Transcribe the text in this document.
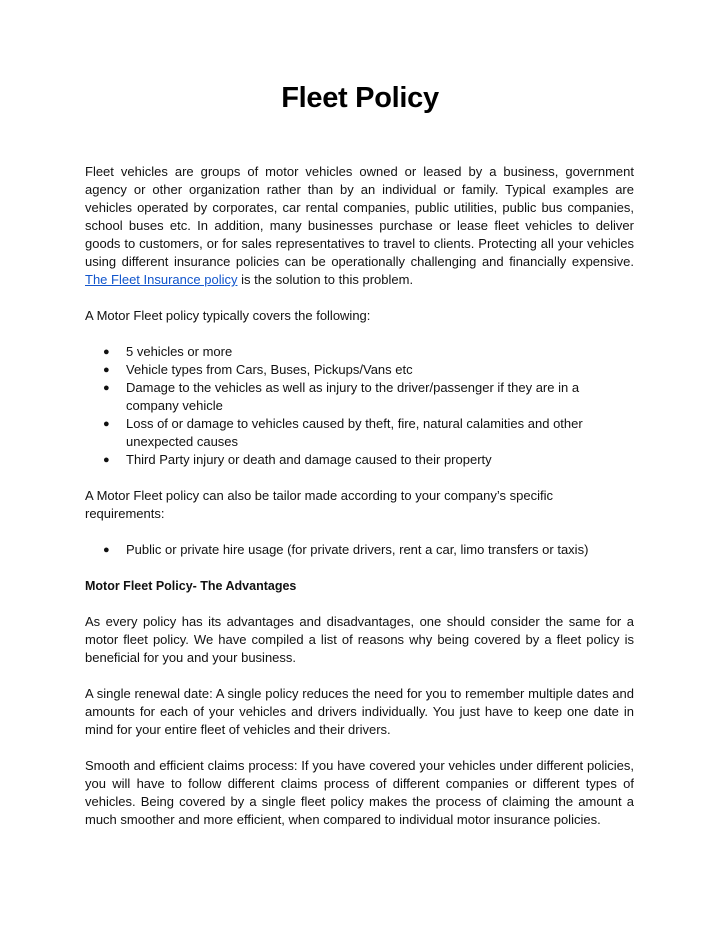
Fleet Policy

Fleet vehicles are groups of motor vehicles owned or leased by a business, government agency or other organization rather than by an individual or family. Typical examples are vehicles operated by corporates, car rental companies, public utilities, public bus companies, school buses etc. In addition, many businesses purchase or lease fleet vehicles to deliver goods to customers, or for sales representatives to travel to clients. Protecting all your vehicles using different insurance policies can be operationally challenging and financially expensive. The Fleet Insurance policy is the solution to this problem.

A Motor Fleet policy typically covers the following:

● 5 vehicles or more
● Vehicle types from Cars, Buses, Pickups/Vans etc
● Damage to the vehicles as well as injury to the driver/passenger if they are in a company vehicle
● Loss of or damage to vehicles caused by theft, fire, natural calamities and other unexpected causes
● Third Party injury or death and damage caused to their property

A Motor Fleet policy can also be tailor made according to your company’s specific requirements:

● Public or private hire usage (for private drivers, rent a car, limo transfers or taxis)
Motor Fleet Policy- The Advantages

As every policy has its advantages and disadvantages, one should consider the same for a motor fleet policy. We have compiled a list of reasons why being covered by a fleet policy is beneficial for you and your business.

A single renewal date: A single policy reduces the need for you to remember multiple dates and amounts for each of your vehicles and drivers individually. You just have to keep one date in mind for your entire fleet of vehicles and their drivers.

Smooth and efficient claims process: If you have covered your vehicles under different policies, you will have to follow different claims process of different companies or different types of vehicles. Being covered by a single fleet policy makes the process of claiming the amount a much smoother and more efficient, when compared to individual motor insurance policies.
